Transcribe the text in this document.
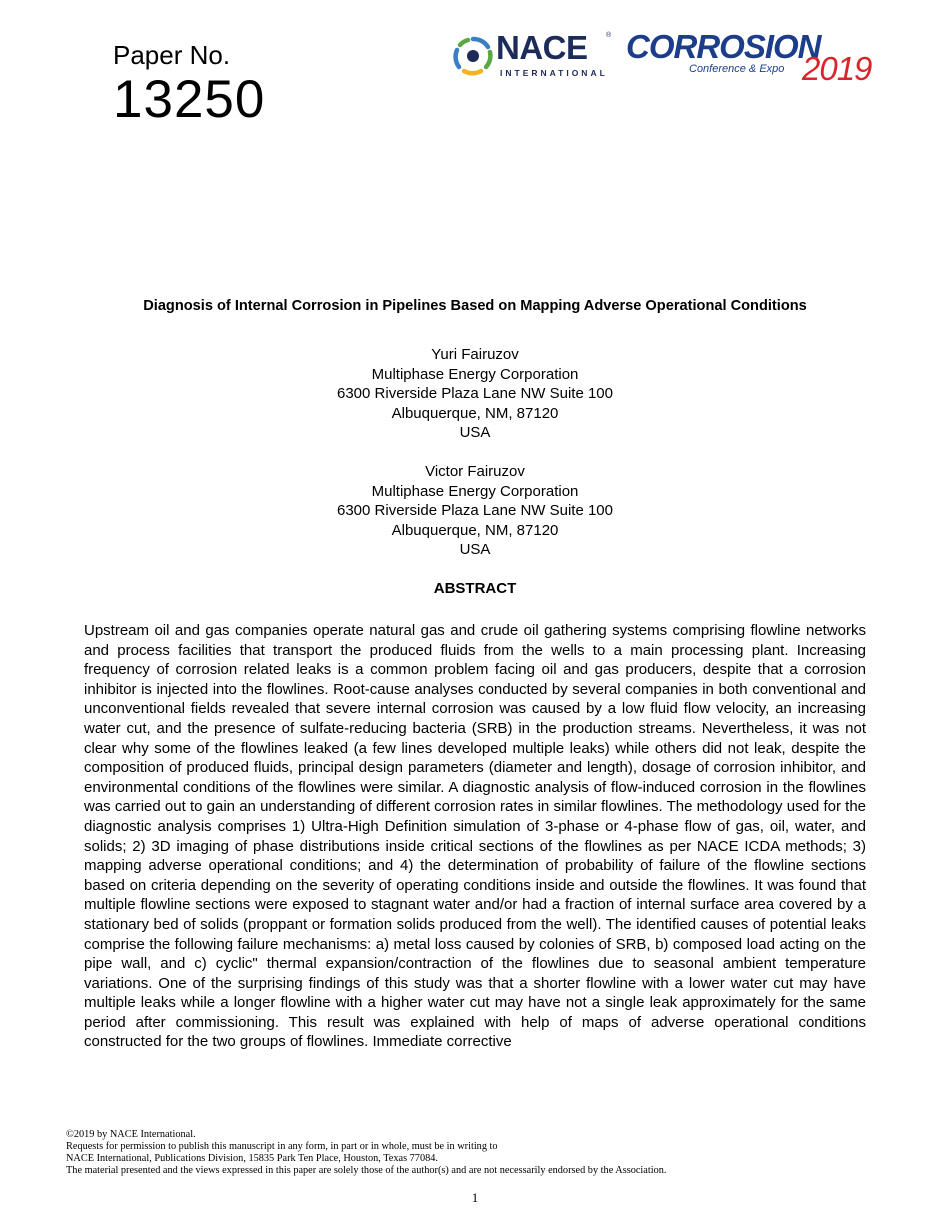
Paper No.
13250
NACE	®
INTERNATIONAL
CORROSION
Conference & Expo 2019
Diagnosis of Internal Corrosion in Pipelines Based on Mapping Adverse Operational Conditions
Yuri Fairuzov
Multiphase Energy Corporation
6300 Riverside Plaza Lane NW Suite 100
Albuquerque, NM, 87120
USA
Victor Fairuzov
Multiphase Energy Corporation
6300 Riverside Plaza Lane NW Suite 100
Albuquerque, NM, 87120
USA
ABSTRACT

Upstream oil and gas companies operate natural gas and crude oil gathering systems comprising flowline networks and process facilities that transport the produced fluids from the wells to a main processing plant. Increasing frequency of corrosion related leaks is a common problem facing oil and gas producers, despite that a corrosion inhibitor is injected into the flowlines. Root-cause analyses conducted by several companies in both conventional and unconventional fields revealed that severe internal corrosion was caused by a low fluid flow velocity, an increasing water cut, and the presence of sulfate-reducing bacteria (SRB) in the production streams. Nevertheless, it was not clear why some of the flowlines leaked (a few lines developed multiple leaks) while others did not leak, despite the composition of produced fluids, principal design parameters (diameter and length), dosage of corrosion inhibitor, and environmental conditions of the flowlines were similar. A diagnostic analysis of flow-induced corrosion in the flowlines was carried out to gain an understanding of different corrosion rates in similar flowlines. The methodology used for the diagnostic analysis comprises 1) Ultra-High Definition simulation of 3-phase or 4-phase flow of gas, oil, water, and solids; 2) 3D imaging of phase distributions inside critical sections of the flowlines as per NACE ICDA methods; 3) mapping adverse operational conditions; and 4) the determination of probability of failure of the flowline sections based on criteria depending on the severity of operating conditions inside and outside the flowlines. It was found that multiple flowline sections were exposed to stagnant water and/or had a fraction of internal surface area covered by a stationary bed of solids (proppant or formation solids produced from the well). The identified causes of potential leaks comprise the following failure mechanisms: a) metal loss caused by colonies of SRB, b) composed load acting on the pipe wall, and c) cyclic" thermal expansion/contraction of the flowlines due to seasonal ambient temperature variations. One of the surprising findings of this study was that a shorter flowline with a lower water cut may have multiple leaks while a longer flowline with a higher water cut may have not a single leak approximately for the same period after commissioning. This result was explained with help of maps of adverse operational conditions constructed for the two groups of flowlines. Immediate corrective

©2019 by NACE International.
Requests for permission to publish this manuscript in any form, in part or in whole, must be in writing to
NACE International, Publications Division, 15835 Park Ten Place, Houston, Texas 77084.
The material presented and the views expressed in this paper are solely those of the author(s) and are not necessarily endorsed by the Association.
1
